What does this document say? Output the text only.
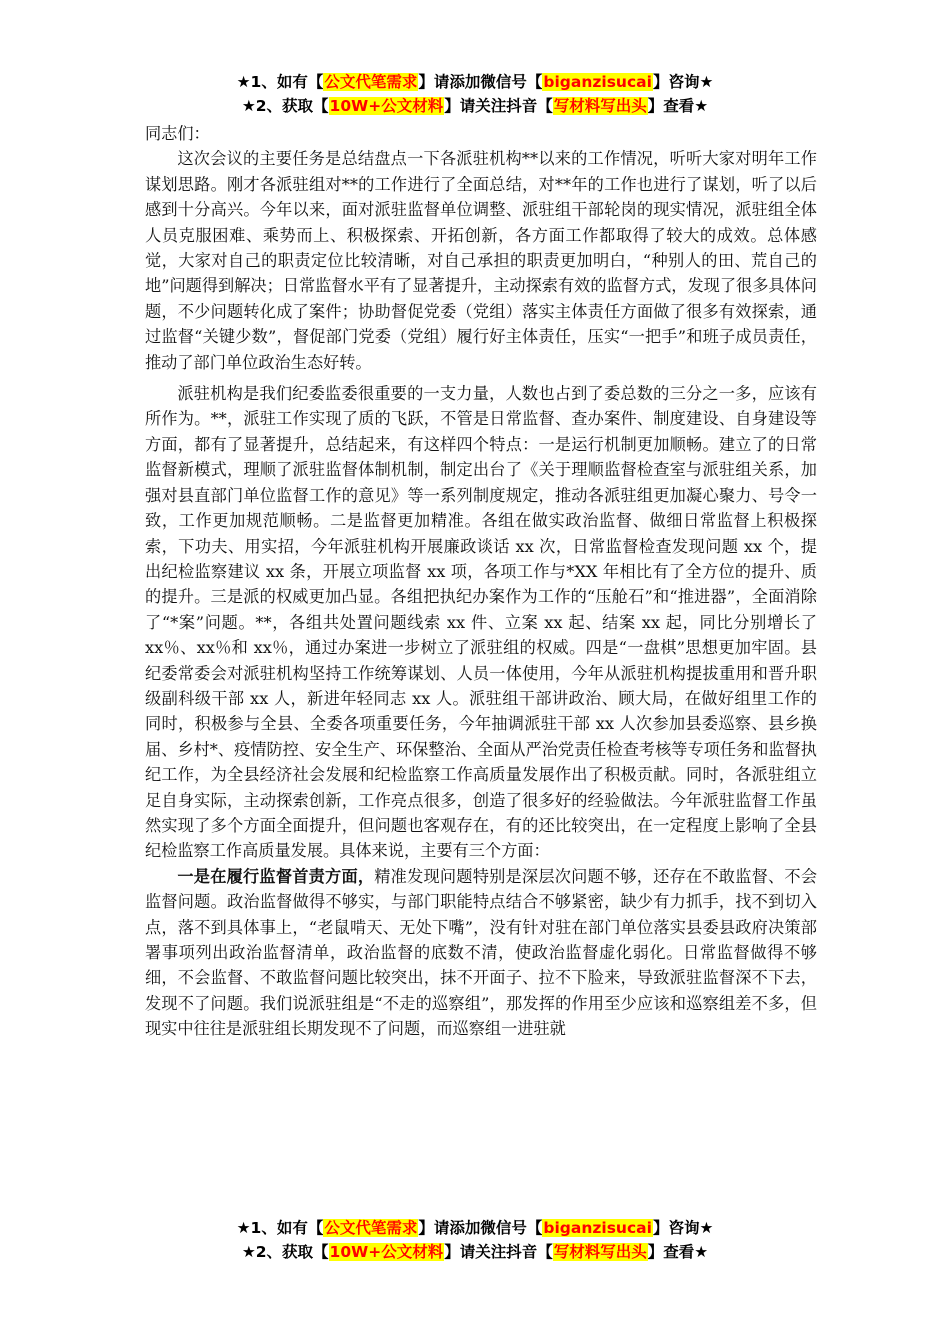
★1、如有【公文代笔需求】请添加微信号【biganzisucai】咨询★
★2、获取【10W+公文材料】请关注抖音【写材料写出头】查看★

同志们：

这次会议的主要任务是总结盘点一下各派驻机构**以来的工作情况，听听大家对明年工作谋划思路。刚才各派驻组对**的工作进行了全面总结，对**年的工作也进行了谋划，听了以后感到十分高兴。今年以来，面对派驻监督单位调整、派驻组干部轮岗的现实情况，派驻组全体人员克服困难、乘势而上、积极探索、开拓创新，各方面工作都取得了较大的成效。总体感觉，大家对自己的职责定位比较清晰，对自己承担的职责更加明白，“种别人的田、荒自己的地”问题得到解决；日常监督水平有了显著提升，主动探索有效的监督方式，发现了很多具体问题，不少问题转化成了案件；协助督促党委（党组）落实主体责任方面做了很多有效探索，通过监督“关键少数”，督促部门党委（党组）履行好主体责任，压实“一把手”和班子成员责任，推动了部门单位政治生态好转。

派驻机构是我们纪委监委很重要的一支力量，人数也占到了委总数的三分之一多，应该有所作为。**，派驻工作实现了质的飞跃，不管是日常监督、查办案件、制度建设、自身建设等方面，都有了显著提升，总结起来，有这样四个特点：一是运行机制更加顺畅。建立了的日常监督新模式，理顺了派驻监督体制机制，制定出台了《关于理顺监督检查室与派驻组关系，加强对县直部门单位监督工作的意见》等一系列制度规定，推动各派驻组更加凝心聚力、号令一致，工作更加规范顺畅。二是监督更加精准。各组在做实政治监督、做细日常监督上积极探索，下功夫、用实招，今年派驻机构开展廉政谈话 xx 次，日常监督检查发现问题 xx 个，提出纪检监察建议 xx 条，开展立项监督 xx 项，各项工作与*XX 年相比有了全方位的提升、质的提升。三是派的权威更加凸显。各组把执纪办案作为工作的“压舱石”和“推进器”，全面消除了“*案”问题。**，各组共处置问题线索 xx 件、立案 xx 起、结案 xx 起，同比分别增长了 xx％、xx％和 xx％，通过办案进一步树立了派驻组的权威。四是“一盘棋”思想更加牢固。县纪委常委会对派驻机构坚持工作统筹谋划、人员一体使用，今年从派驻机构提拔重用和晋升职级副科级干部 xx 人，新进年轻同志 xx 人。派驻组干部讲政治、顾大局，在做好组里工作的同时，积极参与全县、全委各项重要任务，今年抽调派驻干部 xx 人次参加县委巡察、县乡换届、乡村*、疫情防控、安全生产、环保整治、全面从严治党责任检查考核等专项任务和监督执纪工作，为全县经济社会发展和纪检监察工作高质量发展作出了积极贡献。同时，各派驻组立足自身实际，主动探索创新，工作亮点很多，创造了很多好的经验做法。今年派驻监督工作虽然实现了多个方面全面提升，但问题也客观存在，有的还比较突出，在一定程度上影响了全县纪检监察工作高质量发展。具体来说，主要有三个方面：

一是在履行监督首责方面，精准发现问题特别是深层次问题不够，还存在不敢监督、不会监督问题。政治监督做得不够实，与部门职能特点结合不够紧密，缺少有力抓手，找不到切入点，落不到具体事上，“老鼠啃天、无处下嘴”，没有针对驻在部门单位落实县委县政府决策部署事项列出政治监督清单，政治监督的底数不清，使政治监督虚化弱化。日常监督做得不够细，不会监督、不敢监督问题比较突出，抹不开面子、拉不下脸来，导致派驻监督深不下去，发现不了问题。我们说派驻组是“不走的巡察组”，那发挥的作用至少应该和巡察组差不多，但现实中往往是派驻组长期发现不了问题，而巡察组一进驻就

★1、如有【公文代笔需求】请添加微信号【biganzisucai】咨询★
★2、获取【10W+公文材料】请关注抖音【写材料写出头】查看★
